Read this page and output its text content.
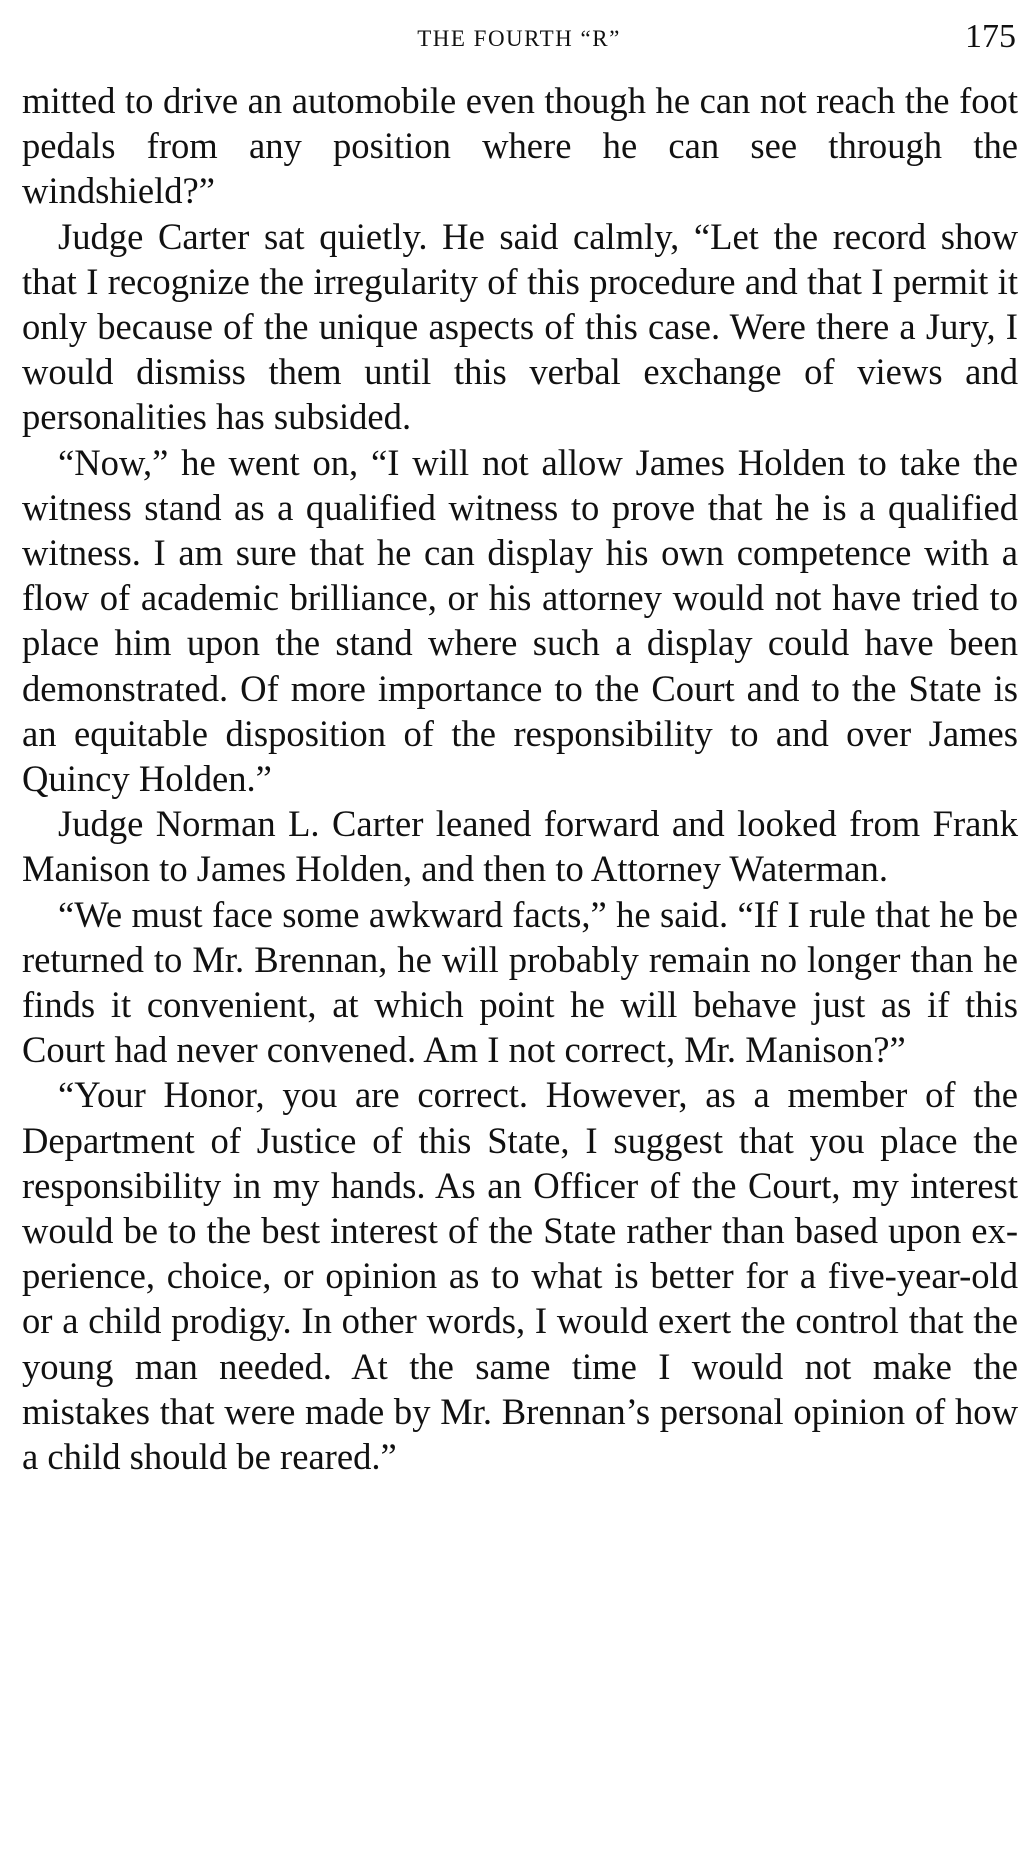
THE FOURTH “R”	175

mitted to drive an automobile even though he can not reach the foot pedals from any position where he can see through the windshield?”

Judge Carter sat quietly. He said calmly, “Let the record show that I recognize the irregularity of this procedure and that I permit it only because of the unique aspects of this case. Were there a Jury, I would dismiss them until this verbal exchange of views and personalities has subsided.

“Now,” he went on, “I will not allow James Holden to take the witness stand as a qualified witness to prove that he is a qualified witness. I am sure that he can display his own competence with a flow of academic brilliance, or his attorney would not have tried to place him upon the stand where such a display could have been demonstrated. Of more importance to the Court and to the State is an equitable disposition of the responsibility to and over James Quincy Holden.”

Judge Norman L. Carter leaned forward and looked from Frank Manison to James Holden, and then to Attorney Waterman.

“We must face some awkward facts,” he said. “If I rule that he be returned to Mr. Brennan, he will probably remain no longer than he finds it convenient, at which point he will behave just as if this Court had never convened. Am I not correct, Mr. Manison?”

“Your Honor, you are correct. However, as a member of the Department of Justice of this State, I suggest that you place the responsibility in my hands. As an Officer of the Court, my interest would be to the best interest of the State rather than based upon experience, choice, or opinion as to what is better for a five-year-old or a child prodigy. In other words, I would exert the control that the young man needed. At the same time I would not make the mistakes that were made by Mr. Brennan’s personal opinion of how a child should be reared.”
